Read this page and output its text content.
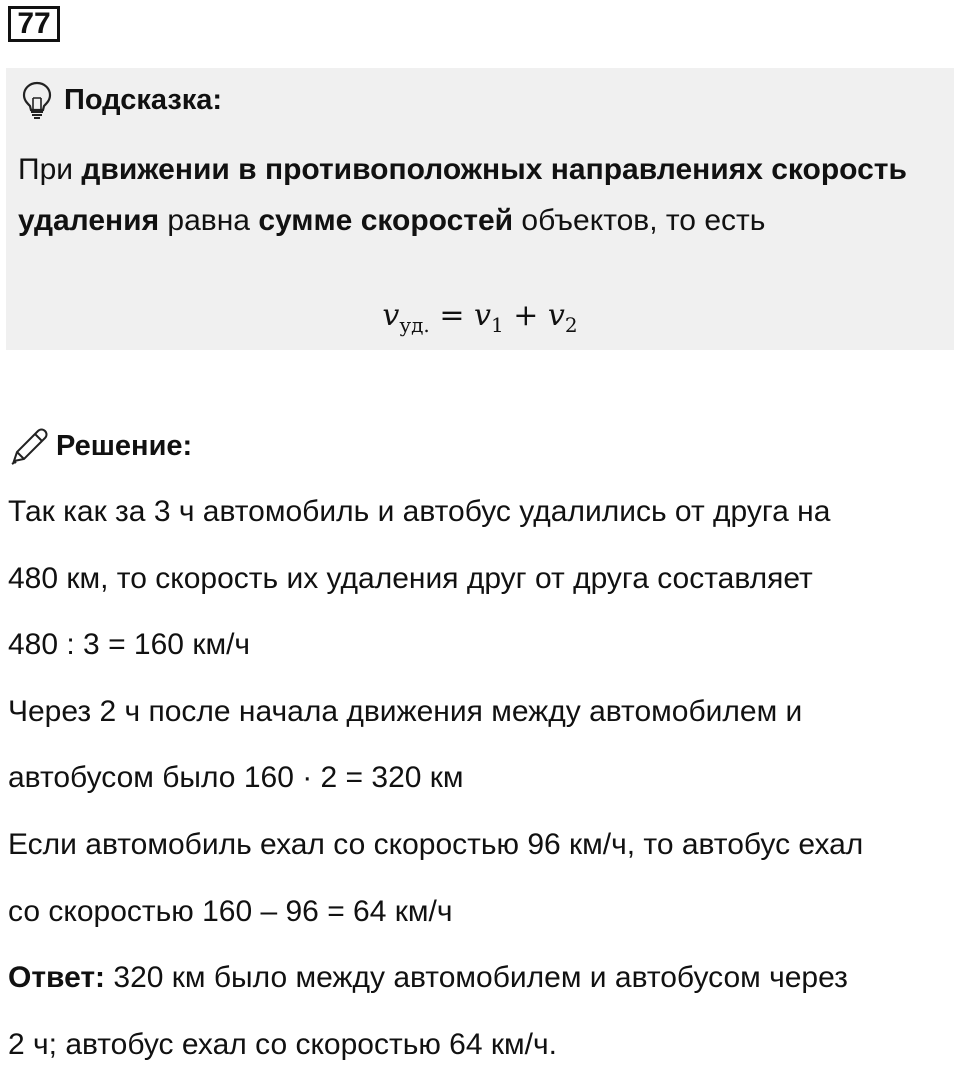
77
Подсказка:
При движении в противоположных направлениях скорость удаления равна сумме скоростей объектов, то есть
$v_{уд.} = v_1 + v_2$
Решение:
Так как за 3 ч автомобиль и автобус удалились от друга на
480 км, то скорость их удаления друг от друга составляет
480 : 3 = 160 км/ч
Через 2 ч после начала движения между автомобилем и
автобусом было 160 · 2 = 320 км
Если автомобиль ехал со скоростью 96 км/ч, то автобус ехал
со скоростью 160 – 96 = 64 км/ч
Ответ: 320 км было между автомобилем и автобусом через
2 ч; автобус ехал со скоростью 64 км/ч.
